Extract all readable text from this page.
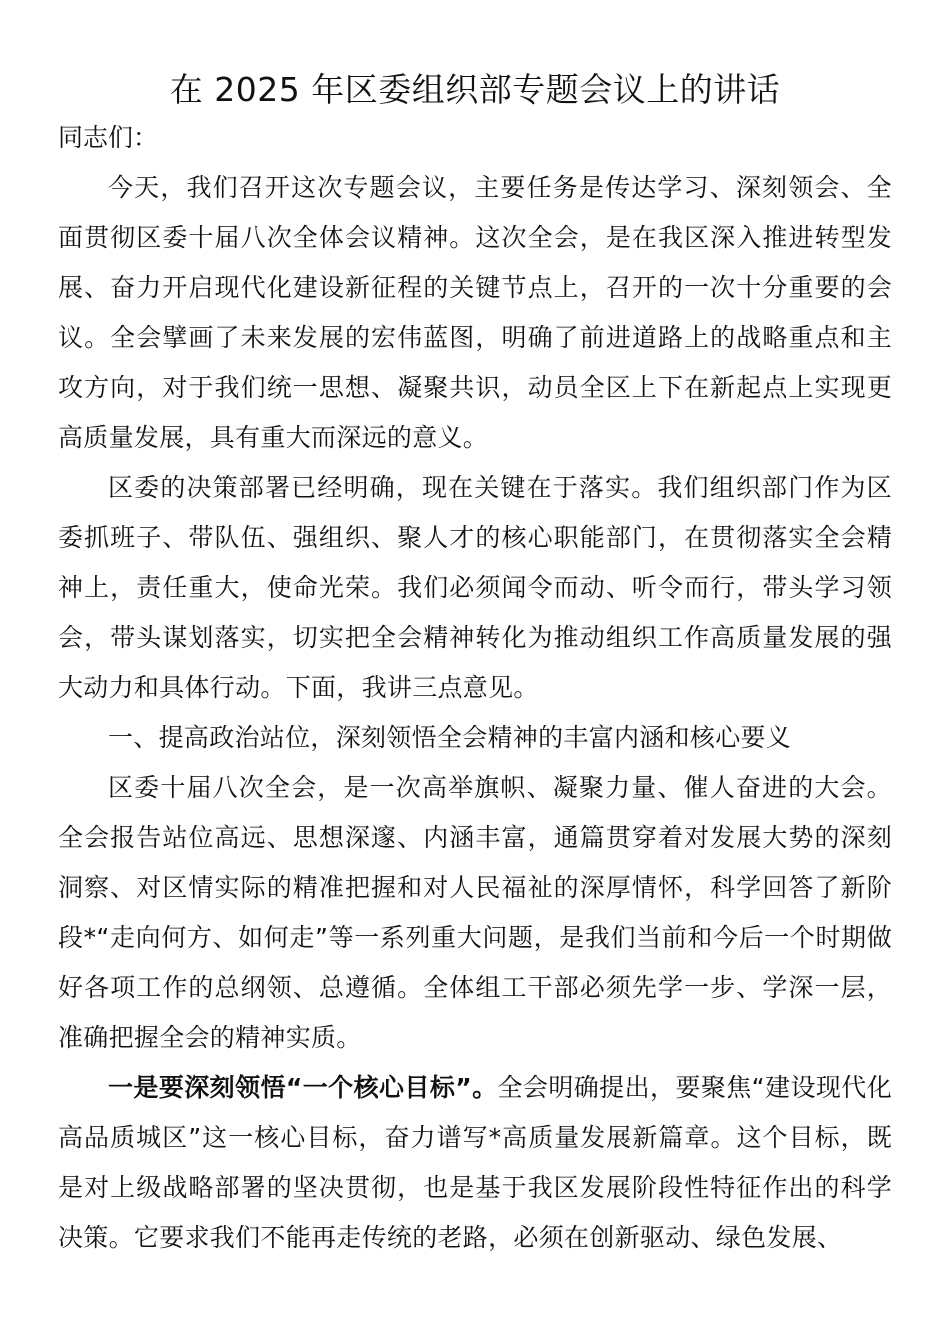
在 2025 年区委组织部专题会议上的讲话

同志们：

今天，我们召开这次专题会议，主要任务是传达学习、深刻领会、全面贯彻区委十届八次全体会议精神。这次全会，是在我区深入推进转型发展、奋力开启现代化建设新征程的关键节点上，召开的一次十分重要的会议。全会擘画了未来发展的宏伟蓝图，明确了前进道路上的战略重点和主攻方向，对于我们统一思想、凝聚共识，动员全区上下在新起点上实现更高质量发展，具有重大而深远的意义。

区委的决策部署已经明确，现在关键在于落实。我们组织部门作为区委抓班子、带队伍、强组织、聚人才的核心职能部门，在贯彻落实全会精神上，责任重大，使命光荣。我们必须闻令而动、听令而行，带头学习领会，带头谋划落实，切实把全会精神转化为推动组织工作高质量发展的强大动力和具体行动。下面，我讲三点意见。

一、提高政治站位，深刻领悟全会精神的丰富内涵和核心要义

区委十届八次全会，是一次高举旗帜、凝聚力量、催人奋进的大会。全会报告站位高远、思想深邃、内涵丰富，通篇贯穿着对发展大势的深刻洞察、对区情实际的精准把握和对人民福祉的深厚情怀，科学回答了新阶段*“走向何方、如何走”等一系列重大问题，是我们当前和今后一个时期做好各项工作的总纲领、总遵循。全体组工干部必须先学一步、学深一层，准确把握全会的精神实质。

一是要深刻领悟“一个核心目标”。全会明确提出，要聚焦“建设现代化高品质城区”这一核心目标，奋力谱写*高质量发展新篇章。这个目标，既是对上级战略部署的坚决贯彻，也是基于我区发展阶段性特征作出的科学决策。它要求我们不能再走传统的老路，必须在创新驱动、绿色发展、
